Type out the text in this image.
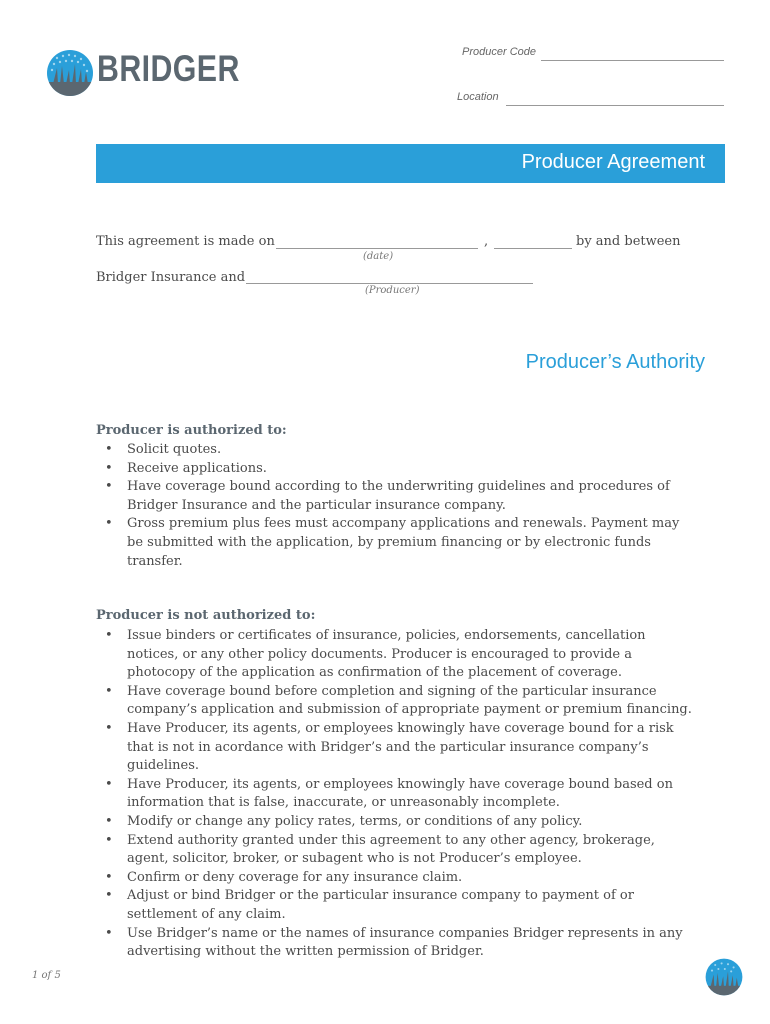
BRIDGER	Producer Code
Location
Producer Agreement
This agreement is made on	,	by and between
(date)
Bridger Insurance and
(Producer)
Producer’s Authority
Producer is authorized to:
• Solicit quotes.
• Receive applications.
• Have coverage bound according to the underwriting guidelines and procedures of Bridger Insurance and the particular insurance company.
• Gross premium plus fees must accompany applications and renewals. Payment may be submitted with the application, by premium financing or by electronic funds transfer.
Producer is not authorized to:
• Issue binders or certificates of insurance, policies, endorsements, cancellation notices, or any other policy documents. Producer is encouraged to provide a photocopy of the application as confirmation of the placement of coverage.
• Have coverage bound before completion and signing of the particular insurance company’s application and submission of appropriate payment or premium financing.
• Have Producer, its agents, or employees knowingly have coverage bound for a risk that is not in acordance with Bridger’s and the particular insurance company’s guidelines.
• Have Producer, its agents, or employees knowingly have coverage bound based on information that is false, inaccurate, or unreasonably incomplete.
• Modify or change any policy rates, terms, or conditions of any policy.
• Extend authority granted under this agreement to any other agency, brokerage, agent, solicitor, broker, or subagent who is not Producer’s employee.
• Confirm or deny coverage for any insurance claim.
• Adjust or bind Bridger or the particular insurance company to payment of or settlement of any claim.
• Use Bridger’s name or the names of insurance companies Bridger represents in any advertising without the written permission of Bridger.
1 of 5
